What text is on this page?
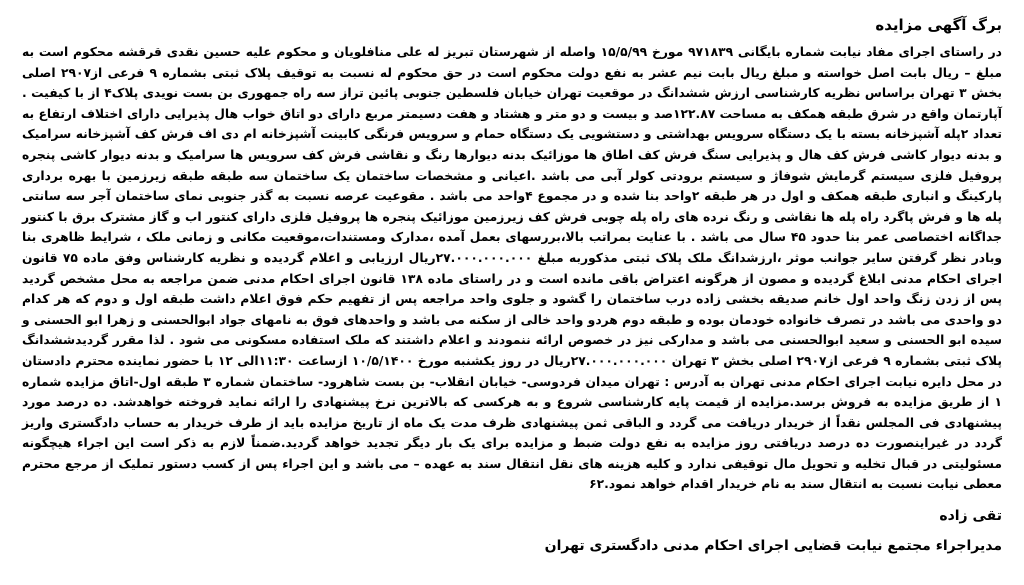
برگ آگهی مزایده

در راستای اجرای مفاد نیابت شماره بایگانی ۹۷۱۸۳۹ مورخ ۱۵/۵/۹۹ واصله از شهرستان تبریز له علی منافلویان و محکوم علیه حسین نقدی قرقشه محکوم است به مبلغ – ریال بابت اصل خواسته و مبلغ ریال بابت نیم عشر به نفع دولت محکوم است در حق محکوم له نسبت به توقیف پلاک ثبتی بشماره ۹ فرعی از۲۹۰۷ اصلی بخش ۳ تهران براساس نظریه کارشناسی ارزش ششدانگ در موقعیت تهران خیابان فلسطین جنوبی پائین تراز سه راه جمهوری بن بست نویدی پلاک۴ از با کیفیت . آپارتمان واقع در شرق طبقه همکف به مساحت ۱۲۲.۸۷صد و بیست و دو متر و هشتاد و هفت دسیمتر مربع دارای دو اتاق خواب هال پذیرایی دارای اختلاف ارتفاع به تعداد ۲پله آشپزخانه بسته با یک دستگاه سرویس بهداشتی و دستشویی یک دستگاه حمام و سرویس فرنگی کابینت آشپزخانه ام دی اف فرش کف آشپزخانه سرامیک و بدنه دیوار کاشی فرش کف هال و پذیرایی سنگ فرش کف اطاق ها موزائیک بدنه دیوارها رنگ و نقاشی فرش کف سرویس ها سرامیک و بدنه دیوار کاشی پنجره پروفیل فلزی سیستم گرمایش شوفاژ و سیستم برودتی کولر آبی می باشد .اعیانی و مشخصات ساختمان یک ساختمان سه طبقه طبقه زیرزمین با بهره برداری پارکینگ و انباری طبقه همکف و اول در هر طبقه ۲واحد بنا شده و در مجموع ۴واحد می باشد . مقوعیت عرصه نسبت به گذر جنوبی نمای ساختمان آجر سه سانتی پله ها و فرش پاگرد راه پله ها نقاشی و رنگ نرده های راه پله چوبی فرش کف زیرزمین موزائیک پنجره ها پروفیل فلزی دارای کنتور اب و گاز مشترک برق با کنتور جداگانه اختصاصی عمر بنا حدود ۴۵ سال می باشد . با عنایت بمراتب بالا،بررسهای بعمل آمده ،مدارک ومستندات،موقعیت مکانی و زمانی ملک ، شرایط ظاهری بنا وبادر نظر گرفتن سایر جوانب موثر ،ارزشدانگ ملک پلاک ثبتی مذکوربه مبلغ ۲۷.۰۰۰.۰۰۰.۰۰۰ریال ارزیابی و اعلام گردیده و نظریه کارشناس وفق ماده ۷۵ قانون اجرای احکام مدنی ابلاغ گردیده و مصون از هرگونه اعتراض باقی مانده است و در راستای ماده ۱۳۸ قانون اجرای احکام مدنی ضمن مراجعه به محل مشخص گردید پس از زدن زنگ واحد اول خانم صدیقه بخشی زاده درب ساختمان را گشود و جلوی واحد مراجعه پس از تفهیم حکم فوق اعلام داشت طبقه اول و دوم که هر کدام دو واحدی می باشد در تصرف خانواده خودمان بوده و طبقه دوم هردو واحد خالی از سکنه می باشد و واحدهای فوق به نامهای جواد ابوالحسنی و زهرا ابو الحسنی و سیده ابو الحسنی و سعید ابوالحسنی می باشد و مدارکی نیز در خصوص ارائه ننمودند و اعلام داشتند که ملک استفاده مسکونی می شود . لذا مقرر گردیدششدانگ پلاک ثبتی بشماره ۹ فرعی از۲۹۰۷ اصلی بخش ۳ تهران ۲۷.۰۰۰.۰۰۰.۰۰۰ریال در روز یکشنبه مورخ ۱۰/۵/۱۴۰۰ ازساعت ۱۱:۳۰الی ۱۲ با حضور نماینده محترم دادستان در محل دایره نیابت اجرای احکام مدنی تهران به آدرس : تهران میدان فردوسی- خیابان انقلاب- بن بست شاهرود- ساختمان شماره ۳ طبقه اول-اتاق مزایده شماره ۱ از طریق مزایده به فروش برسد.مزایده از قیمت پایه کارشناسی شروع و به هرکسی که بالاترین نرخ پیشنهادی را ارائه نماید فروخته خواهدشد. ده درصد مورد پیشنهادی فی المجلس نقداً از خریدار دریافت می گردد و الباقی ثمن پیشنهادی ظرف مدت یک ماه از تاریخ مزایده باید از طرف خریدار به حساب دادگستری واریز گردد در غیراینصورت ده درصد دریافتی روز مزایده به نفع دولت ضبط و مزایده برای یک بار دیگر تجدید خواهد گردید.ضمناً لازم به ذکر است این اجراء هیچگونه مسئولیتی در قبال تخلیه و تحویل مال توقیفی ندارد و کلیه هزینه های نقل انتقال سند به عهده – می باشد و این اجراء پس از کسب دستور تملیک از مرجع محترم معطی نیابت نسبت به انتقال سند به نام خریدار اقدام خواهد نمود.۶۲

تقی زاده
مدیراجراء مجتمع نیابت قضایی اجرای احکام مدنی دادگستری تهران
